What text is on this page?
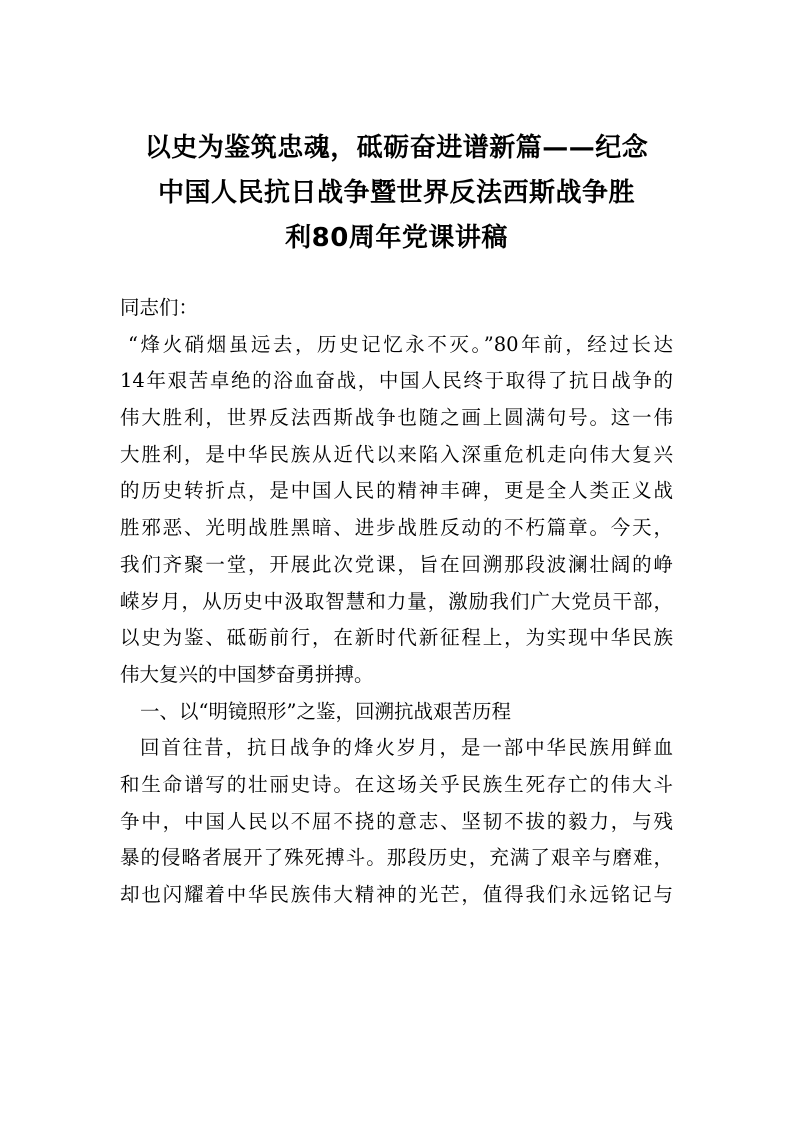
以史为鉴筑忠魂，砥砺奋进谱新篇——纪念
中国人民抗日战争暨世界反法西斯战争胜
利80周年党课讲稿
同志们：
“烽火硝烟虽远去，历史记忆永不灭。”80年前，经过长达
14年艰苦卓绝的浴血奋战，中国人民终于取得了抗日战争的
伟大胜利，世界反法西斯战争也随之画上圆满句号。这一伟
大胜利，是中华民族从近代以来陷入深重危机走向伟大复兴
的历史转折点，是中国人民的精神丰碑，更是全人类正义战
胜邪恶、光明战胜黑暗、进步战胜反动的不朽篇章。今天，
我们齐聚一堂，开展此次党课，旨在回溯那段波澜壮阔的峥
嵘岁月，从历史中汲取智慧和力量，激励我们广大党员干部，
以史为鉴、砥砺前行，在新时代新征程上，为实现中华民族
伟大复兴的中国梦奋勇拼搏。
一、以“明镜照形”之鉴，回溯抗战艰苦历程
回首往昔，抗日战争的烽火岁月，是一部中华民族用鲜血
和生命谱写的壮丽史诗。在这场关乎民族生死存亡的伟大斗
争中，中国人民以不屈不挠的意志、坚韧不拔的毅力，与残
暴的侵略者展开了殊死搏斗。那段历史，充满了艰辛与磨难，
却也闪耀着中华民族伟大精神的光芒，值得我们永远铭记与
